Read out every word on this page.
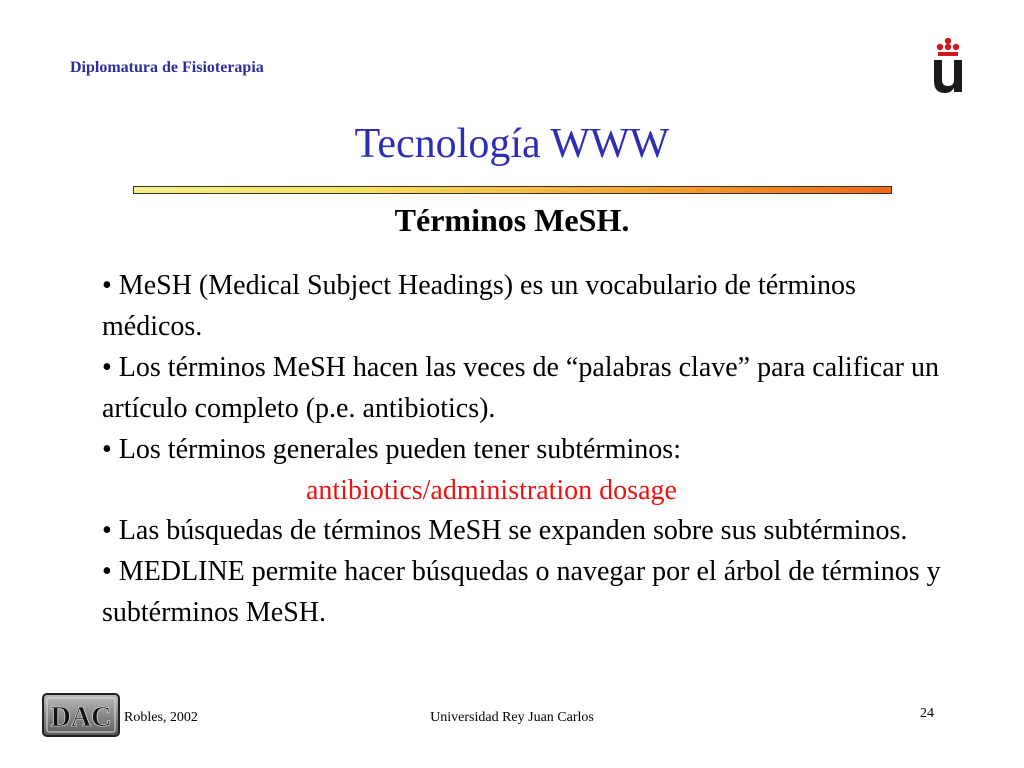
Diplomatura de Fisioterapia
Tecnología WWW
Términos MeSH.

• MeSH (Medical Subject Headings) es un vocabulario de términos médicos.

• Los términos MeSH hacen las veces de “palabras clave” para calificar un artículo completo (p.e. antibiotics).

• Los términos generales pueden tener subtérminos:

antibiotics/administration dosage

• Las búsquedas de términos MeSH se expanden sobre sus subtérminos.

• MEDLINE permite hacer búsquedas o navegar por el árbol de términos y subtérminos MeSH.

DAC Robles, 2002	Universidad Rey Juan Carlos	24
